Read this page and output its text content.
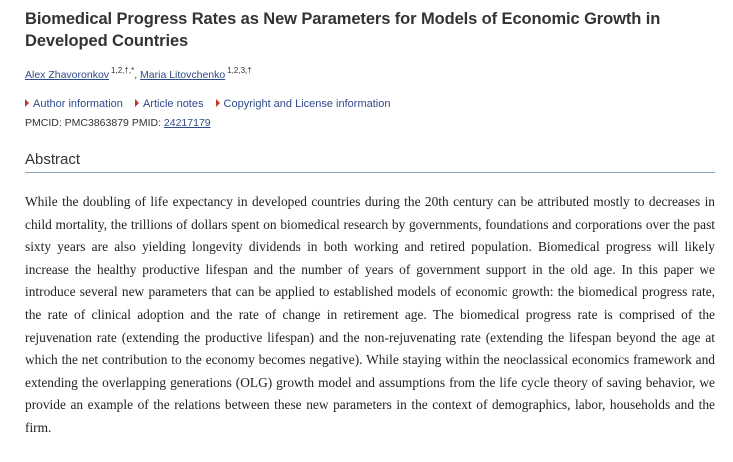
Biomedical Progress Rates as New Parameters for Models of Economic Growth in Developed Countries
Alex Zhavoronkov $^{1,2,\dagger,*}$, Maria Litovchenko $^{1,2,3,\dagger}$
Author information Article notes Copyright and License information
PMCID: PMC3863879 PMID: 24217179
Abstract

While the doubling of life expectancy in developed countries during the 20th century can be attributed mostly to decreases in child mortality, the trillions of dollars spent on biomedical research by governments, foundations and corporations over the past sixty years are also yielding longevity dividends in both working and retired population. Biomedical progress will likely increase the healthy productive lifespan and the number of years of government support in the old age. In this paper we introduce several new parameters that can be applied to established models of economic growth: the biomedical progress rate, the rate of clinical adoption and the rate of change in retirement age. The biomedical progress rate is comprised of the rejuvenation rate (extending the productive lifespan) and the non-rejuvenating rate (extending the lifespan beyond the age at which the net contribution to the economy becomes negative). While staying within the neoclassical economics framework and extending the overlapping generations (OLG) growth model and assumptions from the life cycle theory of saving behavior, we provide an example of the relations between these new parameters in the context of demographics, labor, households and the firm.
